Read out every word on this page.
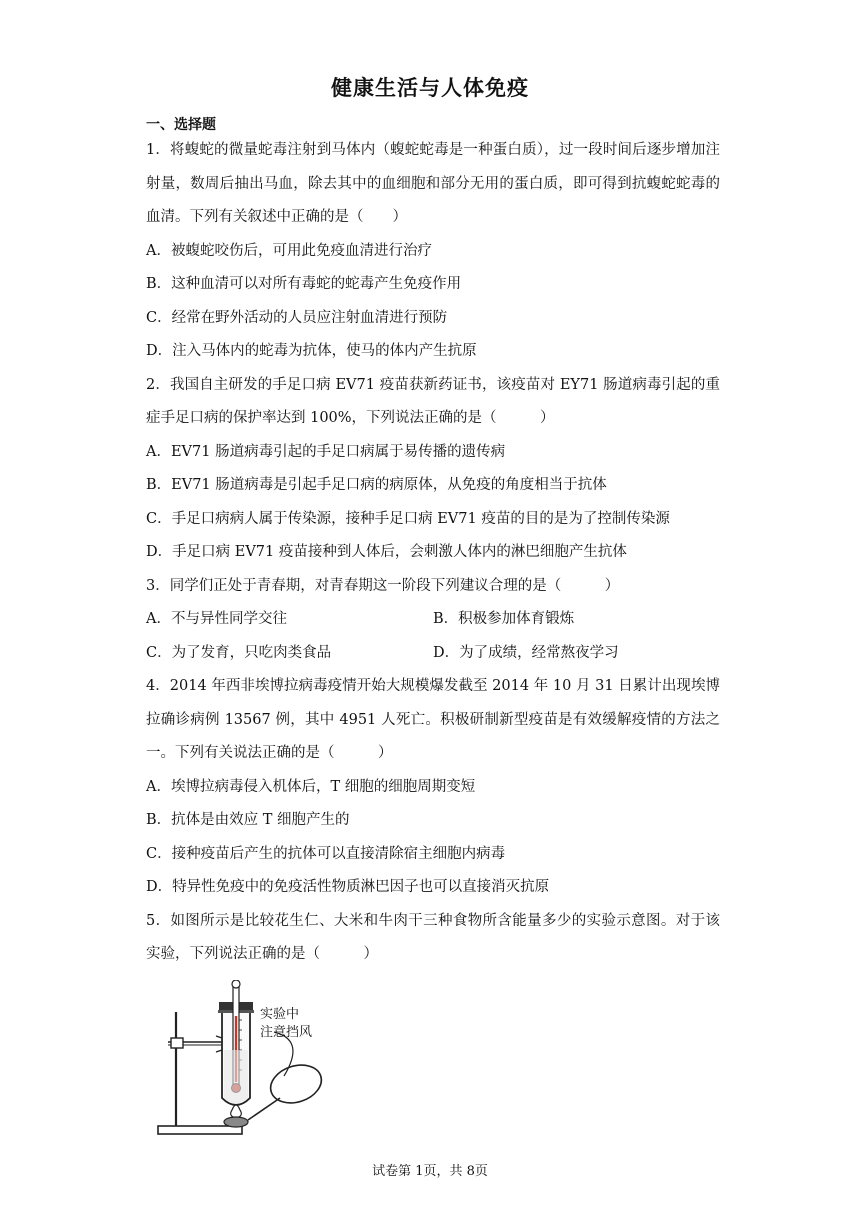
健康生活与人体免疫
一、选择题

1．将蝮蛇的微量蛇毒注射到马体内（蝮蛇蛇毒是一种蛋白质），过一段时间后逐步增加注射量，数周后抽出马血，除去其中的血细胞和部分无用的蛋白质，即可得到抗蝮蛇蛇毒的血清。下列有关叙述中正确的是（　　）

A．被蝮蛇咬伤后，可用此免疫血清进行治疗

B．这种血清可以对所有毒蛇的蛇毒产生免疫作用

C．经常在野外活动的人员应注射血清进行预防

D．注入马体内的蛇毒为抗体，使马的体内产生抗原

2．我国自主研发的手足口病 EV71 疫苗获新药证书，该疫苗对 EY71 肠道病毒引起的重症手足口病的保护率达到 100%，下列说法正确的是（　　　）

A．EV71 肠道病毒引起的手足口病属于易传播的遗传病

B．EV71 肠道病毒是引起手足口病的病原体，从免疫的角度相当于抗体

C．手足口病病人属于传染源，接种手足口病 EV71 疫苗的目的是为了控制传染源

D．手足口病 EV71 疫苗接种到人体后，会刺激人体内的淋巴细胞产生抗体

3．同学们正处于青春期，对青春期这一阶段下列建议合理的是（　　　）

A．不与异性同学交往	B．积极参加体育锻炼
C．为了发育，只吃肉类食品	D．为了成绩，经常熬夜学习

4．2014 年西非埃博拉病毒疫情开始大规模爆发截至 2014 年 10 月 31 日累计出现埃博拉确诊病例 13567 例，其中 4951 人死亡。积极研制新型疫苗是有效缓解疫情的方法之一。下列有关说法正确的是（　　　）

A．埃博拉病毒侵入机体后，T 细胞的细胞周期变短

B．抗体是由效应 T 细胞产生的

C．接种疫苗后产生的抗体可以直接清除宿主细胞内病毒

D．特异性免疫中的免疫活性物质淋巴因子也可以直接消灭抗原

5．如图所示是比较花生仁、大米和牛肉干三种食物所含能量多少的实验示意图。对于该实验，下列说法正确的是（　　　）

实验中
注意挡风
试卷第 1页，共 8页
